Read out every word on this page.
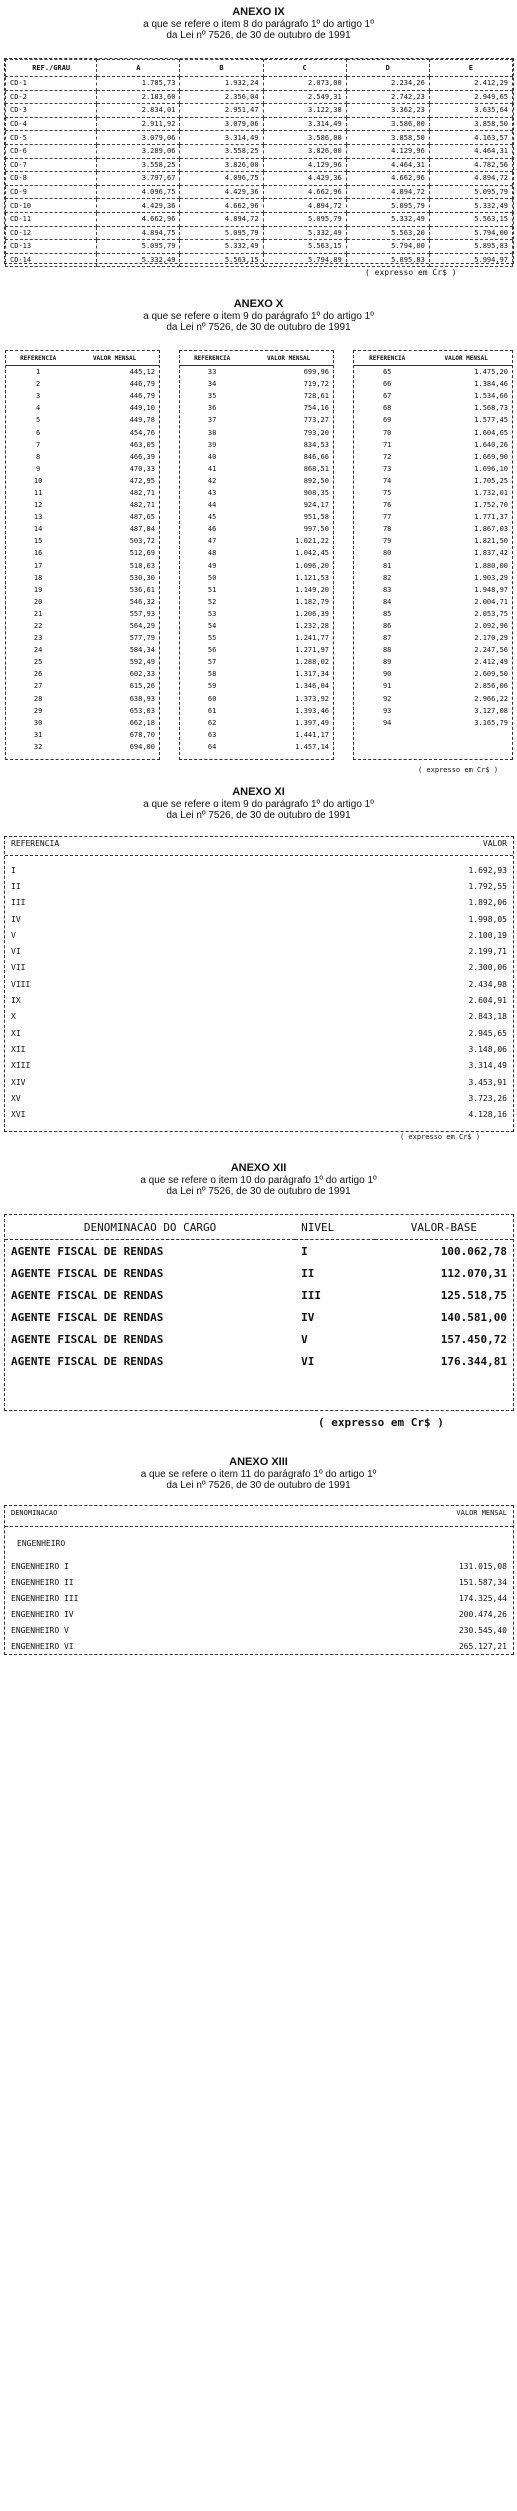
ANEXO IX
a que se refere o item 8 do parágrafo 1º do artigo 1º
da Lei nº 7526, de 30 de outubro de 1991
REF./GRAU	A	B	C	D	E
CD-1	1.785,73	1.932,24	2.073,00	2.234,26	2.412,29
CD-2	2.183,60	2.356,04	2.549,31	2.742,23	2.949,65
CD-3	2.834,01	2.951,47	3.122,38	3.362,23	3.635,64
CD-4	2.911,92	3.079,06	3.314,49	3.586,00	3.858,50
CD-5	3.079,06	3.314,49	3.586,00	3.858,50	4.163,57
CD-6	3.289,06	3.558,25	3.826,00	4.129,96	4.464,31
CD-7	3.558,25	3.826,00	4.129,96	4.464,31	4.782,56
CD-8	3.797,67	4.096,75	4.429,36	4.662,96	4.894,72
CD-9	4.096,75	4.429,36	4.662,96	4.894,72	5.095,79
CD-10	4.429,36	4.662,96	4.894,72	5.095,79	5.332,49
CD-11	4.662,96	4.894,72	5.095,79	5.332,49	5.563,15
CD-12	4.894,75	5.095,79	5.332,49	5.563,20	5.794,00
CD-13	5.095,79	5.332,49	5.563,15	5.794,00	5.895,83
CD-14	5.332,49	5.563,15	5.794,89	5.895,83	5.994,97
( expresso em Cr$ )
ANEXO X
a que se refere o item 9 do parágrafo 1º do artigo 1º
da Lei nº 7526, de 30 de outubro de 1991
REFERENCIA	VALOR MENSAL
1	445,12
2	446,79
3	446,79
4	449,10
5	449,78
6	454,76
7	463,05
8	466,39
9	470,33
10	472,95
11	482,71
12	482,71
13	487,65
14	487,84
15	503,72
16	512,69
17	518,63
18	530,30
19	536,61
20	546,32
21	557,93
22	564,29
23	577,79
24	584,34
25	592,49
26	602,33
27	615,26
28	638,93
29	653,03
30	662,18
31	678,70
32	694,00
REFERENCIA	VALOR MENSAL
33	699,96
34	719,72
35	728,61
36	754,16
37	773,27
38	793,20
39	834,53
40	846,66
41	868,51
42	892,50
43	908,35
44	924,17
45	951,58
46	997,50
47	1.021,22
48	1.042,45
49	1.096,20
50	1.121,53
51	1.149,20
52	1.182,79
53	1.206,39
54	1.232,28
55	1.241,77
56	1.271,97
57	1.288,02
58	1.317,34
59	1.346,04
60	1.373,92
61	1.393,46
62	1.397,49
63	1.441,17
64	1.457,14
REFERENCIA	VALOR MENSAL
65	1.475,20
66	1.384,46
67	1.534,66
68	1.568,73
69	1.577,45
70	1.604,65
71	1.640,26
72	1.669,90
73	1.696,10
74	1.705,25
75	1.732,01
76	1.752,70
77	1.771,37
78	1.867,03
79	1.821,50
80	1.837,42
81	1.880,00
82	1.903,29
83	1.948,97
84	2.004,71
85	2.053,75
86	2.092,96
87	2.170,29
88	2.247,56
89	2.412,49
90	2.609,50
91	2.856,06
92	2.966,22
93	3.127,08
94	3.165,79
( expresso em Cr$ )
ANEXO XI
a que se refere o item 9 do parágrafo 1º do artigo 1º
da Lei nº 7526, de 30 de outubro de 1991
REFERENCIA	VALOR
I	1.692,93
II	1.792,55
III	1.892,06
IV	1.998,05
V	2.100,19
VI	2.199,71
VII	2.300,06
VIII	2.434,98
IX	2.604,91
X	2.843,18
XI	2.945,65
XII	3.148,06
XIII	3.314,49
XIV	3.453,91
XV	3.723,26
XVI	4.128,16
( expresso em Cr$ )
ANEXO XII
a que se refere o item 10 do parágrafo 1º do artigo 1º
da Lei nº 7526, de 30 de outubro de 1991
DENOMINACAO DO CARGO	NIVEL	VALOR-BASE
AGENTE FISCAL DE RENDAS	I	100.062,78
AGENTE FISCAL DE RENDAS	II	112.070,31
AGENTE FISCAL DE RENDAS	III	125.518,75
AGENTE FISCAL DE RENDAS	IV	140.581,00
AGENTE FISCAL DE RENDAS	V	157.450,72
AGENTE FISCAL DE RENDAS	VI	176.344,81
( expresso em Cr$ )
ANEXO XIII
a que se refere o item 11 do parágrafo 1º do artigo 1º
da Lei nº 7526, de 30 de outubro de 1991
DENOMINACAO	VALOR MENSAL
ENGENHEIRO
ENGENHEIRO I	131.015,08
ENGENHEIRO II	151.587,34
ENGENHEIRO III	174.325,44
ENGENHEIRO IV	200.474,26
ENGENHEIRO V	230.545,40
ENGENHEIRO VI	265.127,21
